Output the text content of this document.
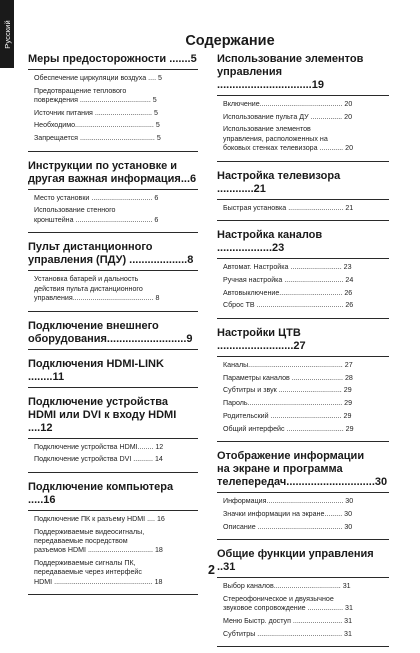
Русский	Содержание
Меры предосторожности .......5
Обеспечение циркуляции воздуха .... 5
Предотвращение теплового
повреждения .................................... 5
Источник питания ............................. 5
Необходимо........................................ 5
Запрещается ...................................... 5
Инструкции по установке и
другая важная информация...6
Место установки ............................... 6
Использование стенного
кронштейна ....................................... 6
Пульт дистанционного
управления (ПДУ) ...................8
Установка батарей и дальность
действия пульта дистанционного
управления......................................... 8
Подключение внешнего
оборудования..........................9
Подключения HDMI-LINK ........11
Подключение устройства
HDMI или DVI к входу HDMI ....12
Подключение устройства HDMI........ 12
Подключение устройства DVI .......... 14
Подключение компьютера .....16
Подключение ПК к разъему HDMI .... 16
Поддерживаемые видеосигналы,
передаваемые посредством
разъемов HDMI ................................. 18
Поддерживаемые сигналы ПК,
передаваемые через интерфейс
HDMI .................................................. 18
Использование элементов
управления ...............................19
Включение.......................................... 20
Использование пульта ДУ ................ 20
Использование элементов
управления, расположенных на
боковых стенках телевизора ............ 20
Настройка телевизора ............21
Быстрая установка ............................ 21
Настройка каналов ..................23
Автомат. Настройка .......................... 23
Ручная настройка .............................. 24
Автовыключение................................ 26
Сброс ТВ ............................................ 26
Настройки ЦТВ .........................27
Каналы................................................ 27
Параметры каналов .......................... 28
Субтитры и звук ................................ 29
Пароль................................................ 29
Родительский .................................... 29
Общий интерфейс ............................. 29
Отображение информации
на экране и программа
телепередач.............................30
Информация....................................... 30
Значки информации на экране......... 30
Описание ........................................... 30
Общие функции управления ..31
Выбор каналов.................................. 31
Стереофоническое и двуязычное
звуковое сопровождение .................. 31
Меню Быстр. доступ ......................... 31
Субтитры ........................................... 31
2
